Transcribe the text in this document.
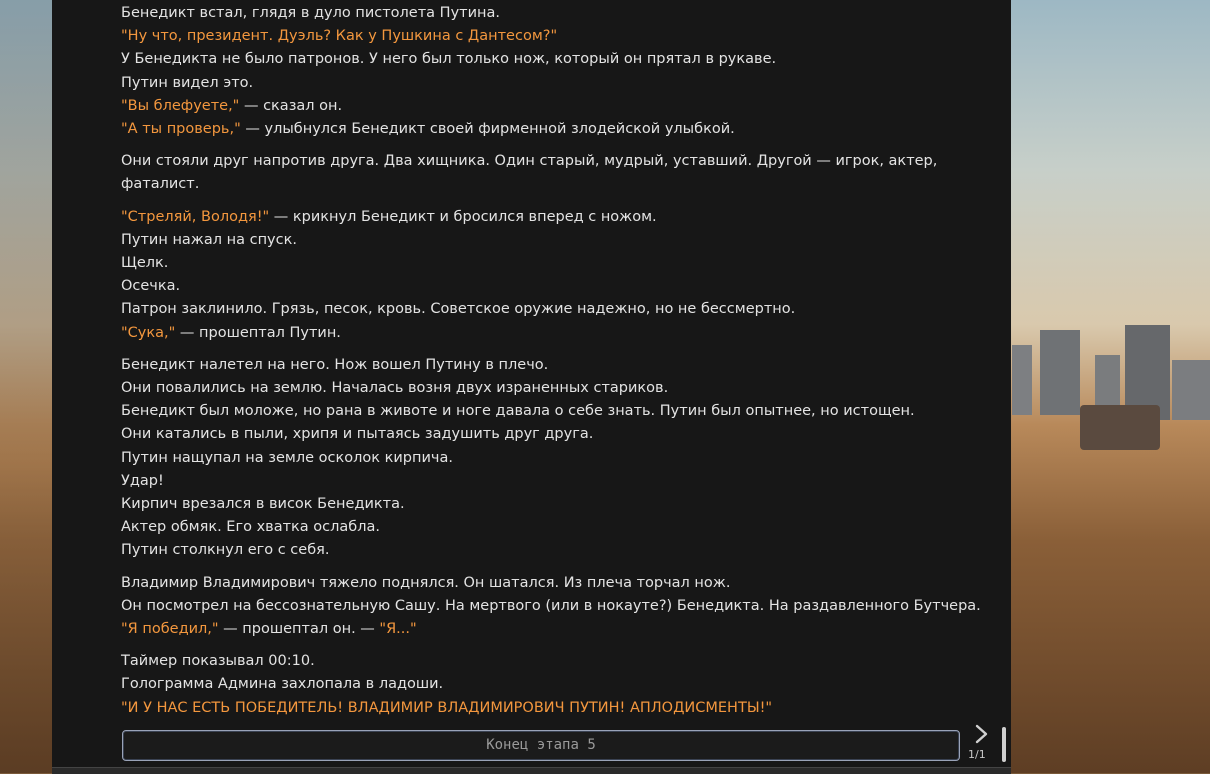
Бенедикт встал, глядя в дуло пистолета Путина.
"Ну что, президент. Дуэль? Как у Пушкина с Дантесом?"
У Бенедикта не было патронов. У него был только нож, который он прятал в рукаве.
Путин видел это.
"Вы блефуете," — сказал он.
"А ты проверь," — улыбнулся Бенедикт своей фирменной злодейской улыбкой.
Они стояли друг напротив друга. Два хищника. Один старый, мудрый, уставший. Другой — игрок, актер,
фаталист.
"Стреляй, Володя!" — крикнул Бенедикт и бросился вперед с ножом.
Путин нажал на спуск.
Щелк.
Осечка.
Патрон заклинило. Грязь, песок, кровь. Советское оружие надежно, но не бессмертно.
"Сука," — прошептал Путин.
Бенедикт налетел на него. Нож вошел Путину в плечо.
Они повалились на землю. Началась возня двух израненных стариков.
Бенедикт был моложе, но рана в животе и ноге давала о себе знать. Путин был опытнее, но истощен.
Они катались в пыли, хрипя и пытаясь задушить друг друга.
Путин нащупал на земле осколок кирпича.
Удар!
Кирпич врезался в висок Бенедикта.
Актер обмяк. Его хватка ослабла.
Путин столкнул его с себя.
Владимир Владимирович тяжело поднялся. Он шатался. Из плеча торчал нож.
Он посмотрел на бессознательную Сашу. На мертвого (или в нокауте?) Бенедикта. На раздавленного Бутчера.
"Я победил," — прошептал он. — "Я..."
Таймер показывал 00:10.
Голограмма Админа захлопала в ладоши.
"И У НАС ЕСТЬ ПОБЕДИТЕЛЬ! ВЛАДИМИР ВЛАДИМИРОВИЧ ПУТИН! АПЛОДИСМЕНТЫ!"
Конец этапа 5
1/1
